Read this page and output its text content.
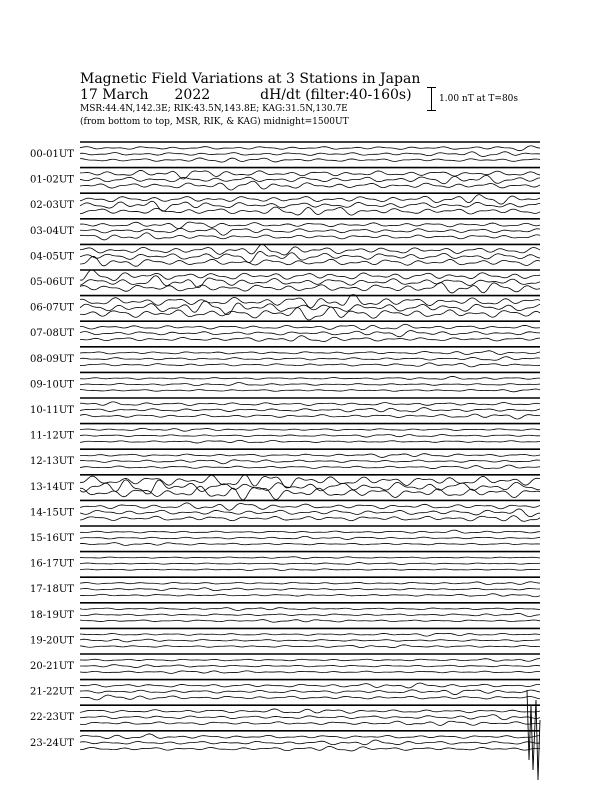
Magnetic Field Variations at 3 Stations in Japan
17 March 2022	dH/dt (filter:40-160s)
MSR:44.4N,142.3E; RIK:43.5N,143.8E; KAG:31.5N,130.7E
(from bottom to top, MSR, RIK, & KAG) midnight=1500UT
1.00 nT at T=80s
00-01UT
01-02UT
02-03UT
03-04UT
04-05UT
05-06UT
06-07UT
07-08UT
08-09UT
09-10UT
10-11UT
11-12UT
12-13UT
13-14UT
14-15UT
15-16UT
16-17UT
17-18UT
18-19UT
19-20UT
20-21UT
21-22UT
22-23UT
23-24UT
